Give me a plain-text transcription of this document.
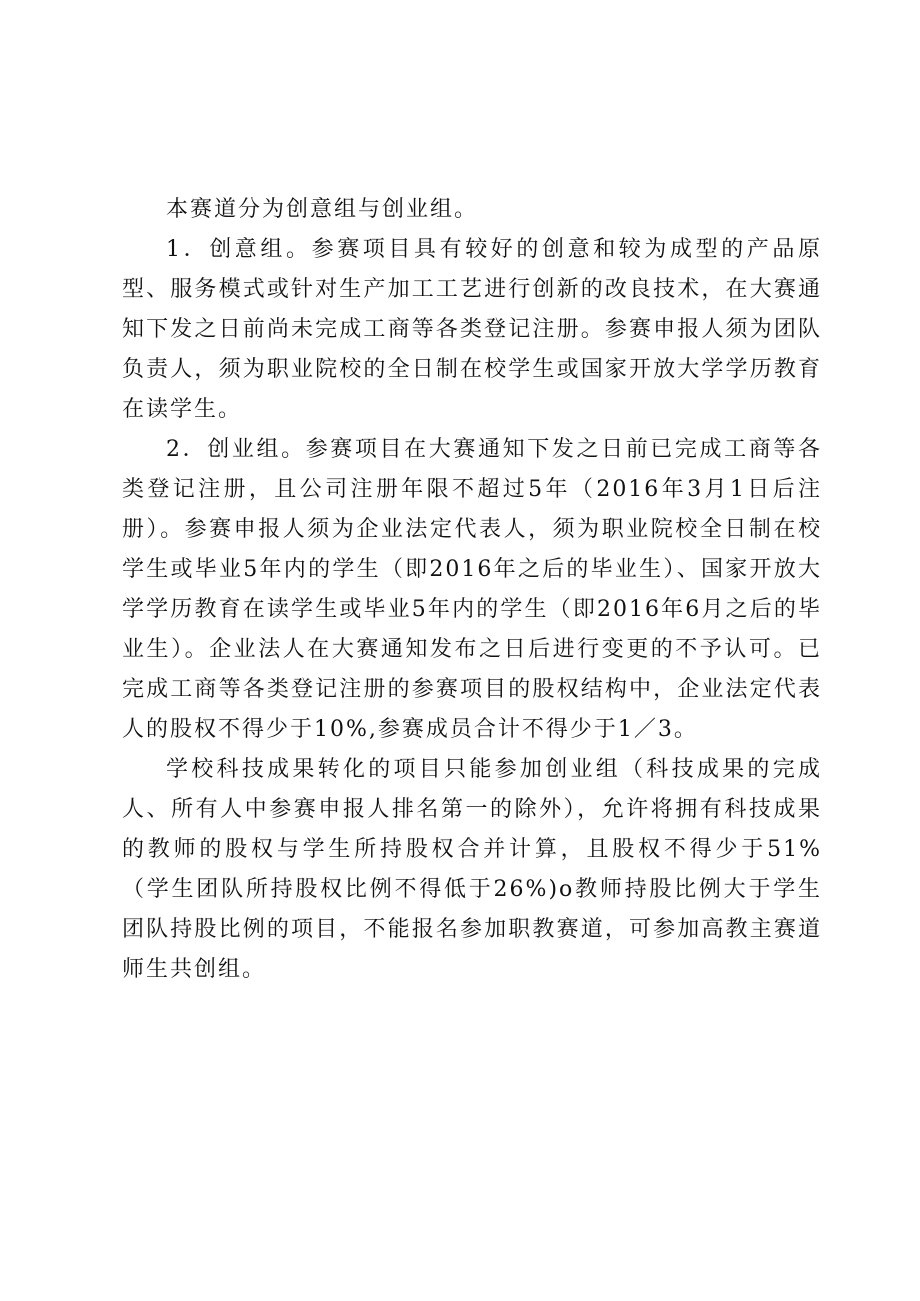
本赛道分为创意组与创业组。

1．创意组。参赛项目具有较好的创意和较为成型的产品原型、服务模式或针对生产加工工艺进行创新的改良技术，在大赛通知下发之日前尚未完成工商等各类登记注册。参赛申报人须为团队负责人，须为职业院校的全日制在校学生或国家开放大学学历教育在读学生。

2．创业组。参赛项目在大赛通知下发之日前已完成工商等各类登记注册，且公司注册年限不超过5年（2016年3月1日后注册）。参赛申报人须为企业法定代表人，须为职业院校全日制在校学生或毕业5年内的学生（即2016年之后的毕业生）、国家开放大学学历教育在读学生或毕业5年内的学生（即2016年6月之后的毕业生）。企业法人在大赛通知发布之日后进行变更的不予认可。已完成工商等各类登记注册的参赛项目的股权结构中，企业法定代表人的股权不得少于10%,参赛成员合计不得少于1／3。

学校科技成果转化的项目只能参加创业组（科技成果的完成人、所有人中参赛申报人排名第一的除外），允许将拥有科技成果的教师的股权与学生所持股权合并计算，且股权不得少于51%（学生团队所持股权比例不得低于26%)o教师持股比例大于学生团队持股比例的项目，不能报名参加职教赛道，可参加高教主赛道师生共创组。
